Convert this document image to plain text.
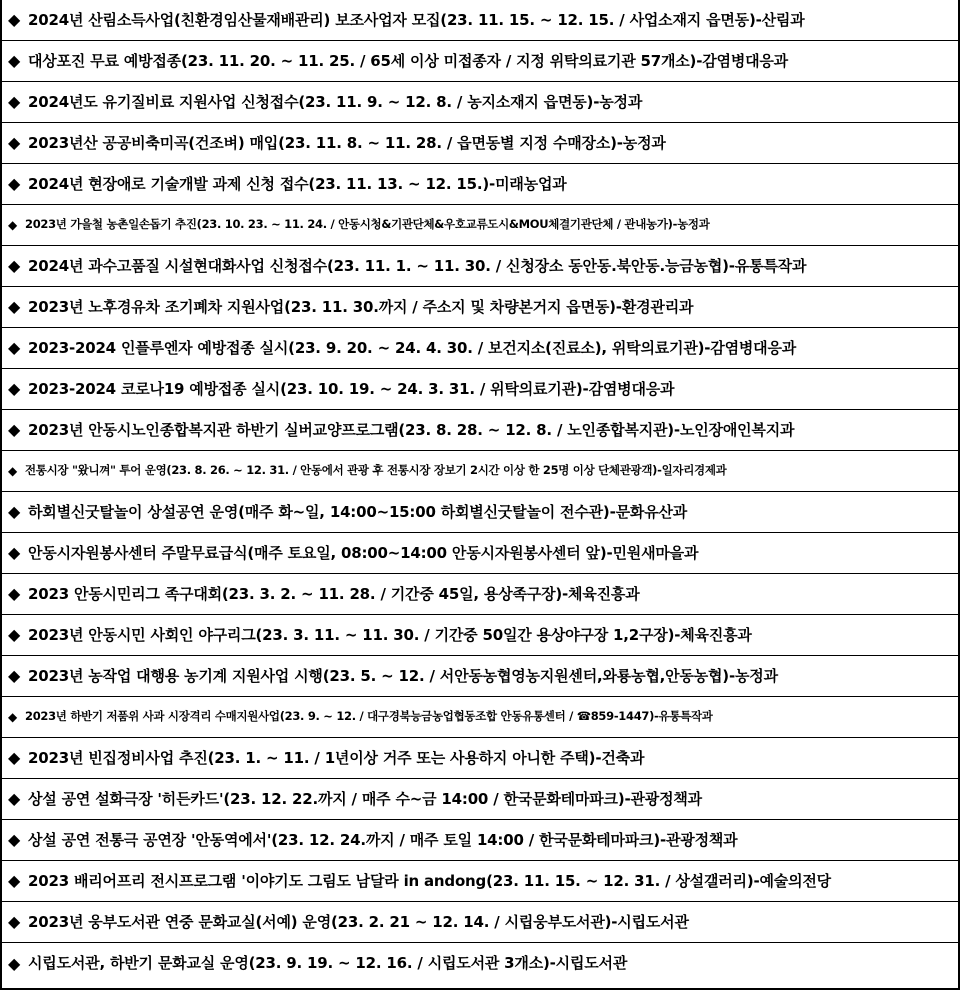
◆ 2024년 산림소득사업(친환경임산물재배관리) 보조사업자 모집(23. 11. 15. ~ 12. 15. / 사업소재지 읍면동)-산림과
◆ 대상포진 무료 예방접종(23. 11. 20. ~ 11. 25. / 65세 이상 미접종자 / 지정 위탁의료기관 57개소)-감염병대응과
◆ 2024년도 유기질비료 지원사업 신청접수(23. 11. 9. ~ 12. 8. / 농지소재지 읍면동)-농정과
◆ 2023년산 공공비축미곡(건조벼) 매입(23. 11. 8. ~ 11. 28. / 읍면동별 지정 수매장소)-농정과
◆ 2024년 현장애로 기술개발 과제 신청 접수(23. 11. 13. ~ 12. 15.)-미래농업과
◆ 2023년 가을철 농촌일손돕기 추진(23. 10. 23. ~ 11. 24. / 안동시청&기관단체&우호교류도시&MOU체결기관단체 / 관내농가)-농정과
◆ 2024년 과수고품질 시설현대화사업 신청접수(23. 11. 1. ~ 11. 30. / 신청장소 동안동.북안동.능금농협)-유통특작과
◆ 2023년 노후경유차 조기폐차 지원사업(23. 11. 30.까지 / 주소지 및 차량본거지 읍면동)-환경관리과
◆ 2023-2024 인플루엔자 예방접종 실시(23. 9. 20. ~ 24. 4. 30. / 보건지소(진료소), 위탁의료기관)-감염병대응과
◆ 2023-2024 코로나19 예방접종 실시(23. 10. 19. ~ 24. 3. 31. / 위탁의료기관)-감염병대응과
◆ 2023년 안동시노인종합복지관 하반기 실버교양프로그램(23. 8. 28. ~ 12. 8. / 노인종합복지관)-노인장애인복지과
◆ 전통시장 "왔니껴" 투어 운영(23. 8. 26. ~ 12. 31. / 안동에서 관광 후 전통시장 장보기 2시간 이상 한 25명 이상 단체관광객)-일자리경제과
◆ 하회별신굿탈놀이 상설공연 운영(매주 화~일, 14:00~15:00 하회별신굿탈놀이 전수관)-문화유산과
◆ 안동시자원봉사센터 주말무료급식(매주 토요일, 08:00~14:00 안동시자원봉사센터 앞)-민원새마을과
◆ 2023 안동시민리그 족구대회(23. 3. 2. ~ 11. 28. / 기간중 45일, 용상족구장)-체육진흥과
◆ 2023년 안동시민 사회인 야구리그(23. 3. 11. ~ 11. 30. / 기간중 50일간 용상야구장 1,2구장)-체육진흥과
◆ 2023년 농작업 대행용 농기계 지원사업 시행(23. 5. ~ 12. / 서안동농협영농지원센터,와룡농협,안동농협)-농정과
◆ 2023년 하반기 저품위 사과 시장격리 수매지원사업(23. 9. ~ 12. / 대구경북능금농업협동조합 안동유통센터 / ☎859-1447)-유통특작과
◆ 2023년 빈집정비사업 추진(23. 1. ~ 11. / 1년이상 거주 또는 사용하지 아니한 주택)-건축과
◆ 상설 공연 설화극장 '히든카드'(23. 12. 22.까지 / 매주 수~금 14:00 / 한국문화테마파크)-관광정책과
◆ 상설 공연 전통극 공연장 '안동역에서'(23. 12. 24.까지 / 매주 토일 14:00 / 한국문화테마파크)-관광정책과
◆ 2023 배리어프리 전시프로그램 '이야기도 그림도 남달라 in andong(23. 11. 15. ~ 12. 31. / 상설갤러리)-예술의전당
◆ 2023년 웅부도서관 연중 문화교실(서예) 운영(23. 2. 21 ~ 12. 14. / 시립웅부도서관)-시립도서관
◆ 시립도서관, 하반기 문화교실 운영(23. 9. 19. ~ 12. 16. / 시립도서관 3개소)-시립도서관
